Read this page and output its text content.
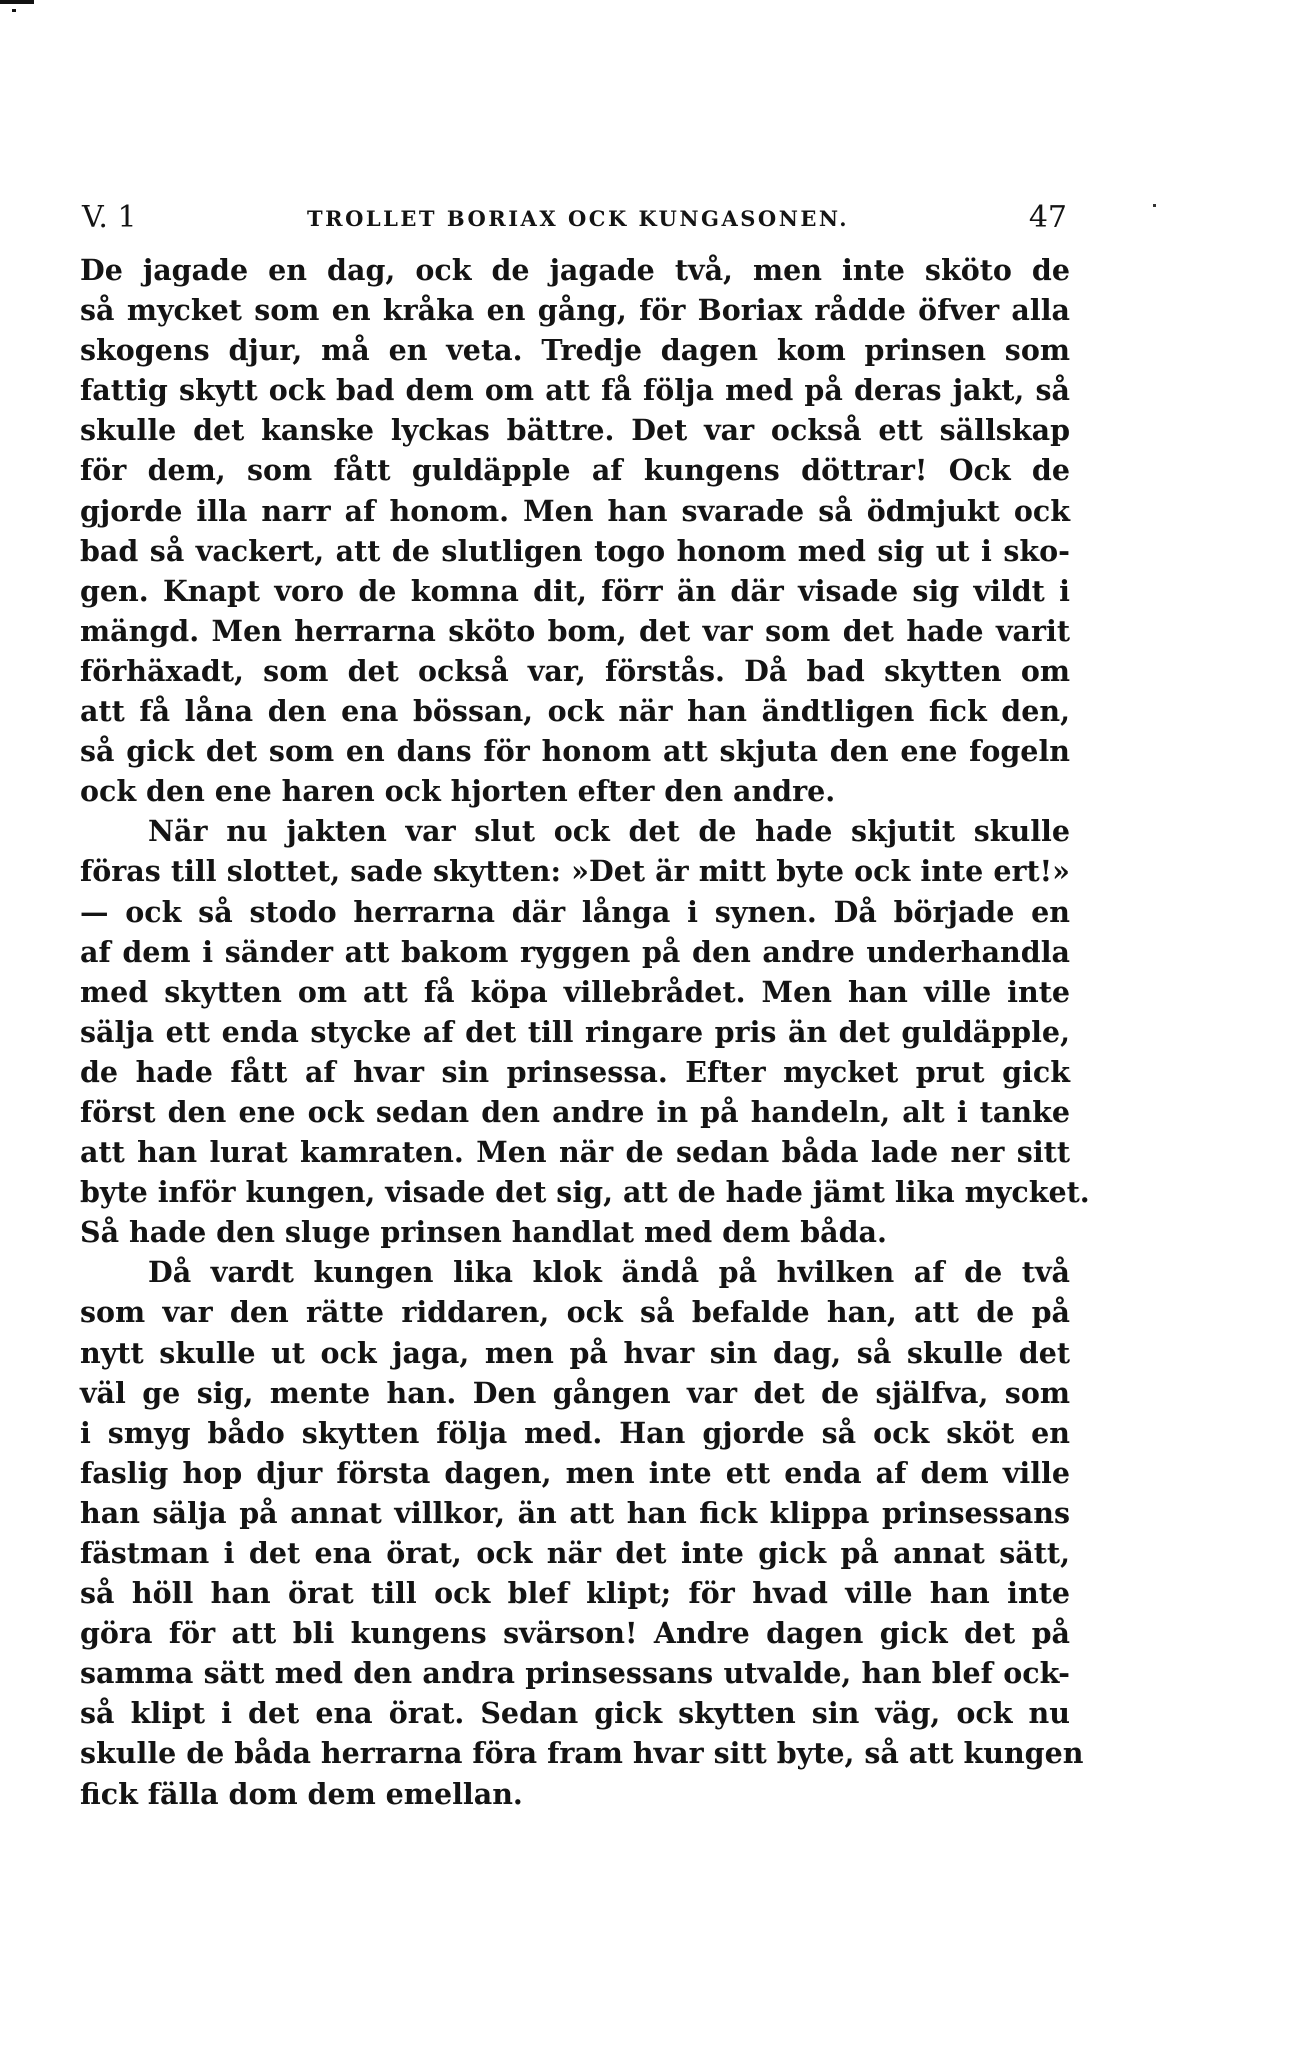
V. 1	TROLLET BORIAX OCK KUNGASONEN.	47
De jagade en dag, ock de jagade två, men inte sköto de
så mycket som en kråka en gång, för Boriax rådde öfver alla
skogens djur, må en veta. Tredje dagen kom prinsen som
fattig skytt ock bad dem om att få följa med på deras jakt, så
skulle det kanske lyckas bättre. Det var också ett sällskap
för dem, som fått guldäpple af kungens döttrar! Ock de
gjorde illa narr af honom. Men han svarade så ödmjukt ock
bad så vackert, att de slutligen togo honom med sig ut i sko-
gen. Knapt voro de komna dit, förr än där visade sig vildt i
mängd. Men herrarna sköto bom, det var som det hade varit
förhäxadt, som det också var, förstås. Då bad skytten om
att få låna den ena bössan, ock när han ändtligen fick den,
så gick det som en dans för honom att skjuta den ene fogeln
ock den ene haren ock hjorten efter den andre.
När nu jakten var slut ock det de hade skjutit skulle
föras till slottet, sade skytten: »Det är mitt byte ock inte ert!»
— ock så stodo herrarna där långa i synen. Då började en
af dem i sänder att bakom ryggen på den andre underhandla
med skytten om att få köpa villebrådet. Men han ville inte
sälja ett enda stycke af det till ringare pris än det guldäpple,
de hade fått af hvar sin prinsessa. Efter mycket prut gick
först den ene ock sedan den andre in på handeln, alt i tanke
att han lurat kamraten. Men när de sedan båda lade ner sitt
byte inför kungen, visade det sig, att de hade jämt lika mycket.
Så hade den sluge prinsen handlat med dem båda.
Då vardt kungen lika klok ändå på hvilken af de två
som var den rätte riddaren, ock så befalde han, att de på
nytt skulle ut ock jaga, men på hvar sin dag, så skulle det
väl ge sig, mente han. Den gången var det de själfva, som
i smyg bådo skytten följa med. Han gjorde så ock sköt en
faslig hop djur första dagen, men inte ett enda af dem ville
han sälja på annat villkor, än att han fick klippa prinsessans
fästman i det ena örat, ock när det inte gick på annat sätt,
så höll han örat till ock blef klipt; för hvad ville han inte
göra för att bli kungens svärson! Andre dagen gick det på
samma sätt med den andra prinsessans utvalde, han blef ock-
så klipt i det ena örat. Sedan gick skytten sin väg, ock nu
skulle de båda herrarna föra fram hvar sitt byte, så att kungen
fick fälla dom dem emellan.
